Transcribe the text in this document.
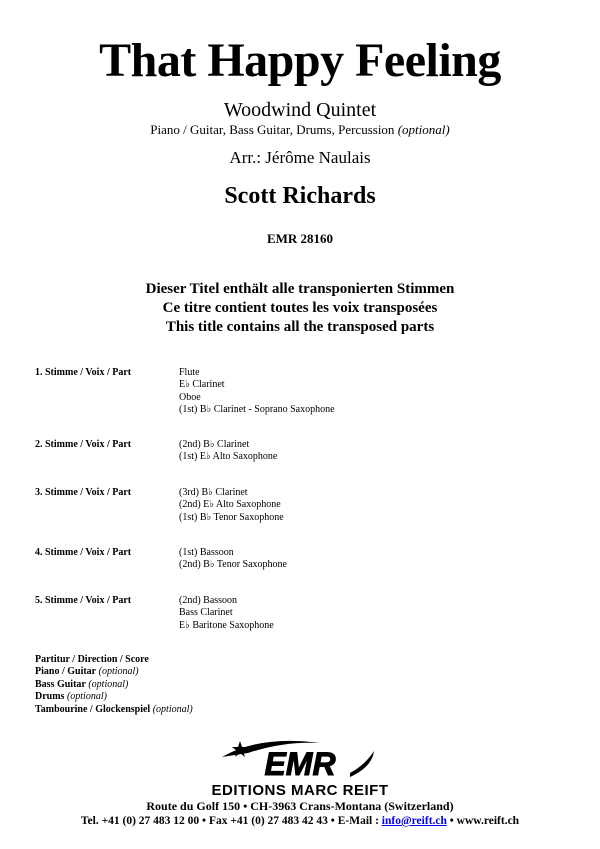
That Happy Feeling
Woodwind Quintet
Piano / Guitar, Bass Guitar, Drums, Percussion (optional)
Arr.: Jérôme Naulais
Scott Richards
EMR 28160
Dieser Titel enthält alle transponierten Stimmen
Ce titre contient toutes les voix transposées
This title contains all the transposed parts
1. Stimme / Voix / Part	Flute
E♭ Clarinet
Oboe
(1st) B♭ Clarinet - Soprano Saxophone
2. Stimme / Voix / Part	(2nd) B♭ Clarinet
(1st) E♭ Alto Saxophone
3. Stimme / Voix / Part	(3rd) B♭ Clarinet
(2nd) E♭ Alto Saxophone
(1st) B♭ Tenor Saxophone
4. Stimme / Voix / Part	(1st) Bassoon
(2nd) B♭ Tenor Saxophone
5. Stimme / Voix / Part	(2nd) Bassoon
Bass Clarinet
E♭ Baritone Saxophone
Partitur / Direction / Score
Piano / Guitar (optional)
Bass Guitar (optional)
Drums (optional)
Tambourine / Glockenspiel (optional)
EMR
EDITIONS MARC REIFT
Route du Golf 150 • CH-3963 Crans-Montana (Switzerland)
Tel. +41 (0) 27 483 12 00 • Fax +41 (0) 27 483 42 43 • E-Mail : info@reift.ch • www.reift.ch
